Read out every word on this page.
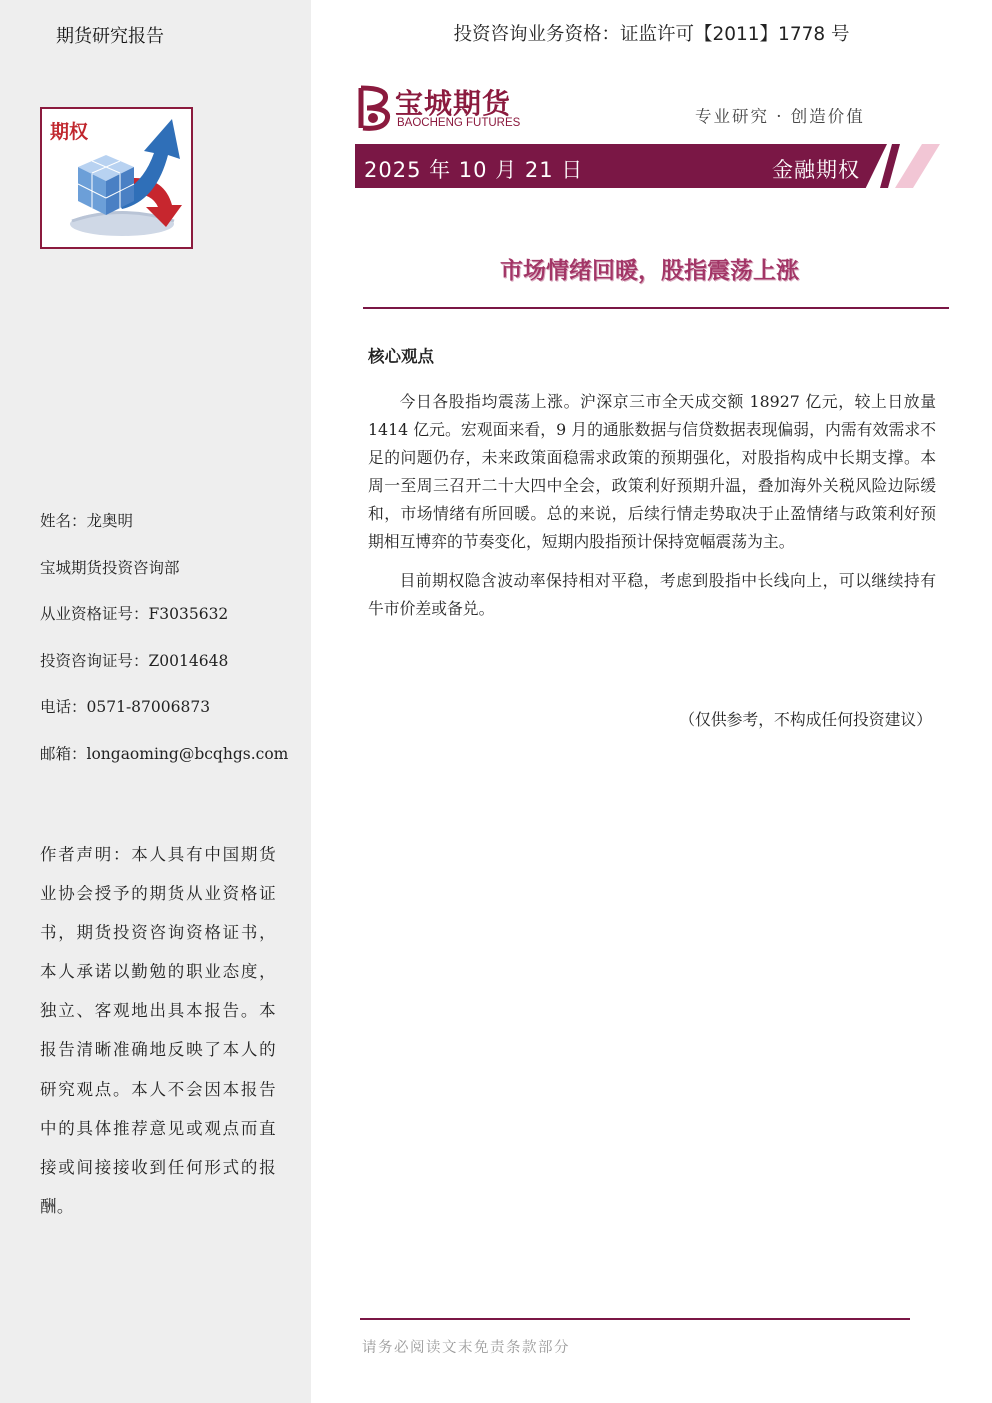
期货研究报告
期权
姓名：龙奥明
宝城期货投资咨询部
从业资格证号：F3035632
投资咨询证号：Z0014648
电话：0571-87006873
邮箱：longaoming@bcqhgs.com
作者声明：本人具有中国期货业协会授予的期货从业资格证书，期货投资咨询资格证书，本人承诺以勤勉的职业态度，独立、客观地出具本报告。本报告清晰准确地反映了本人的研究观点。本人不会因本报告中的具体推荐意见或观点而直接或间接接收到任何形式的报酬。
投资咨询业务资格：证监许可【2011】1778 号
宝城期货
BAOCHENG FUTURES	专业研究 · 创造价值
2025 年 10 月 21 日	金融期权
市场情绪回暖，股指震荡上涨
核心观点

今日各股指均震荡上涨。沪深京三市全天成交额 18927 亿元，较上日放量 1414 亿元。宏观面来看，9 月的通胀数据与信贷数据表现偏弱，内需有效需求不足的问题仍存，未来政策面稳需求政策的预期强化，对股指构成中长期支撑。本周一至周三召开二十大四中全会，政策利好预期升温，叠加海外关税风险边际缓和，市场情绪有所回暖。总的来说，后续行情走势取决于止盈情绪与政策利好预期相互博弈的节奏变化，短期内股指预计保持宽幅震荡为主。

目前期权隐含波动率保持相对平稳，考虑到股指中长线向上，可以继续持有牛市价差或备兑。

（仅供参考，不构成任何投资建议）
请务必阅读文末免责条款部分
